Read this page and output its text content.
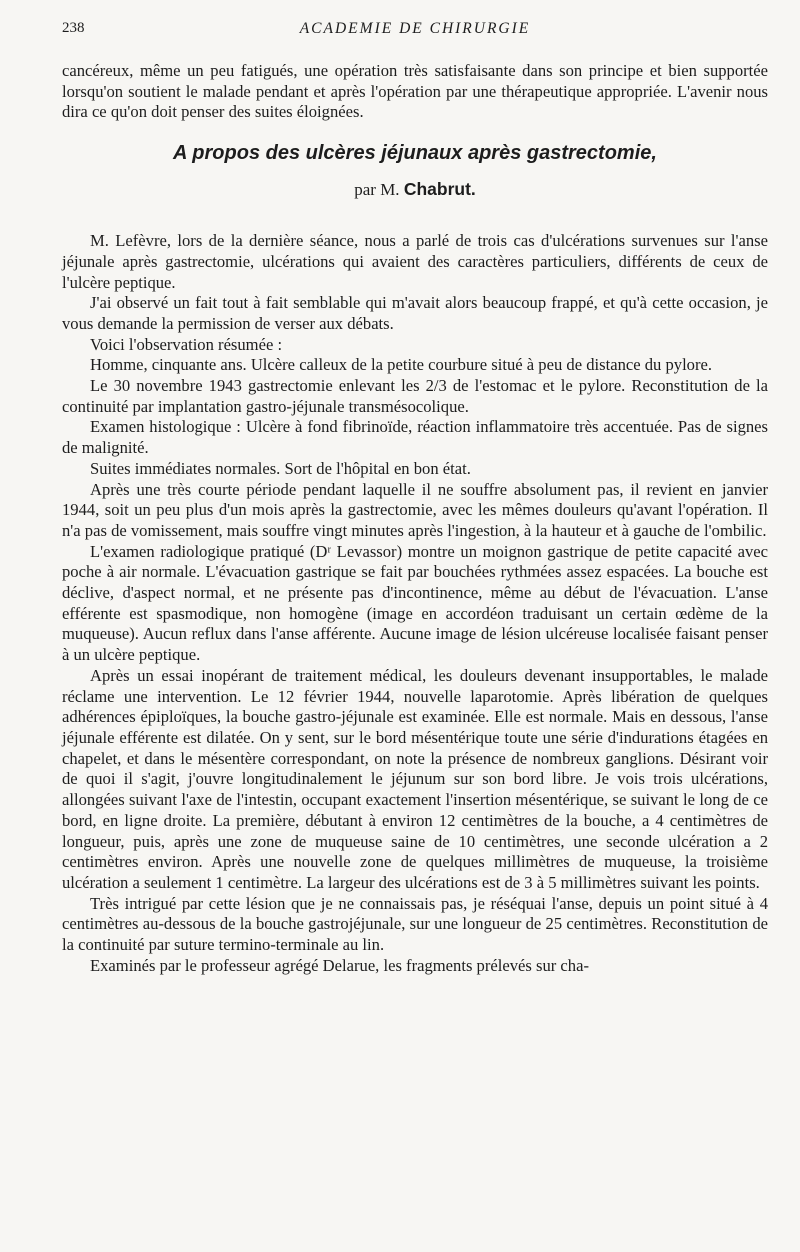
238	ACADEMIE DE CHIRURGIE

cancéreux, même un peu fatigués, une opération très satisfaisante dans son principe et bien supportée lorsqu'on soutient le malade pendant et après l'opération par une thérapeutique appropriée. L'avenir nous dira ce qu'on doit penser des suites éloignées.

A propos des ulcères jéjunaux après gastrectomie,
par M. Chabrut.

M. Lefèvre, lors de la dernière séance, nous a parlé de trois cas d'ulcérations survenues sur l'anse jéjunale après gastrectomie, ulcérations qui avaient des caractères particuliers, différents de ceux de l'ulcère peptique.

J'ai observé un fait tout à fait semblable qui m'avait alors beaucoup frappé, et qu'à cette occasion, je vous demande la permission de verser aux débats.

Voici l'observation résumée :

Homme, cinquante ans. Ulcère calleux de la petite courbure situé à peu de distance du pylore.

Le 30 novembre 1943 gastrectomie enlevant les 2/3 de l'estomac et le pylore. Reconstitution de la continuité par implantation gastro-jéjunale transmésocolique.

Examen histologique : Ulcère à fond fibrinoïde, réaction inflammatoire très accentuée. Pas de signes de malignité.

Suites immédiates normales. Sort de l'hôpital en bon état.

Après une très courte période pendant laquelle il ne souffre absolument pas, il revient en janvier 1944, soit un peu plus d'un mois après la gastrectomie, avec les mêmes douleurs qu'avant l'opération. Il n'a pas de vomissement, mais souffre vingt minutes après l'ingestion, à la hauteur et à gauche de l'ombilic.

L'examen radiologique pratiqué (Dʳ Levassor) montre un moignon gastrique de petite capacité avec poche à air normale. L'évacuation gastrique se fait par bouchées rythmées assez espacées. La bouche est déclive, d'aspect normal, et ne présente pas d'incontinence, même au début de l'évacuation. L'anse efférente est spasmodique, non homogène (image en accordéon traduisant un certain œdème de la muqueuse). Aucun reflux dans l'anse afférente. Aucune image de lésion ulcéreuse localisée faisant penser à un ulcère peptique.

Après un essai inopérant de traitement médical, les douleurs devenant insupportables, le malade réclame une intervention. Le 12 février 1944, nouvelle laparotomie. Après libération de quelques adhérences épiploïques, la bouche gastro-jéjunale est examinée. Elle est normale. Mais en dessous, l'anse jéjunale efférente est dilatée. On y sent, sur le bord mésentérique toute une série d'indurations étagées en chapelet, et dans le mésentère correspondant, on note la présence de nombreux ganglions. Désirant voir de quoi il s'agit, j'ouvre longitudinalement le jéjunum sur son bord libre. Je vois trois ulcérations, allongées suivant l'axe de l'intestin, occupant exactement l'insertion mésentérique, se suivant le long de ce bord, en ligne droite. La première, débutant à environ 12 centimètres de la bouche, a 4 centimètres de longueur, puis, après une zone de muqueuse saine de 10 centimètres, une seconde ulcération a 2 centimètres environ. Après une nouvelle zone de quelques millimètres de muqueuse, la troisième ulcération a seulement 1 centimètre. La largeur des ulcérations est de 3 à 5 millimètres suivant les points.

Très intrigué par cette lésion que je ne connaissais pas, je réséquai l'anse, depuis un point situé à 4 centimètres au-dessous de la bouche gastrojéjunale, sur une longueur de 25 centimètres. Reconstitution de la continuité par suture termino-terminale au lin.

Examinés par le professeur agrégé Delarue, les fragments prélevés sur cha-
